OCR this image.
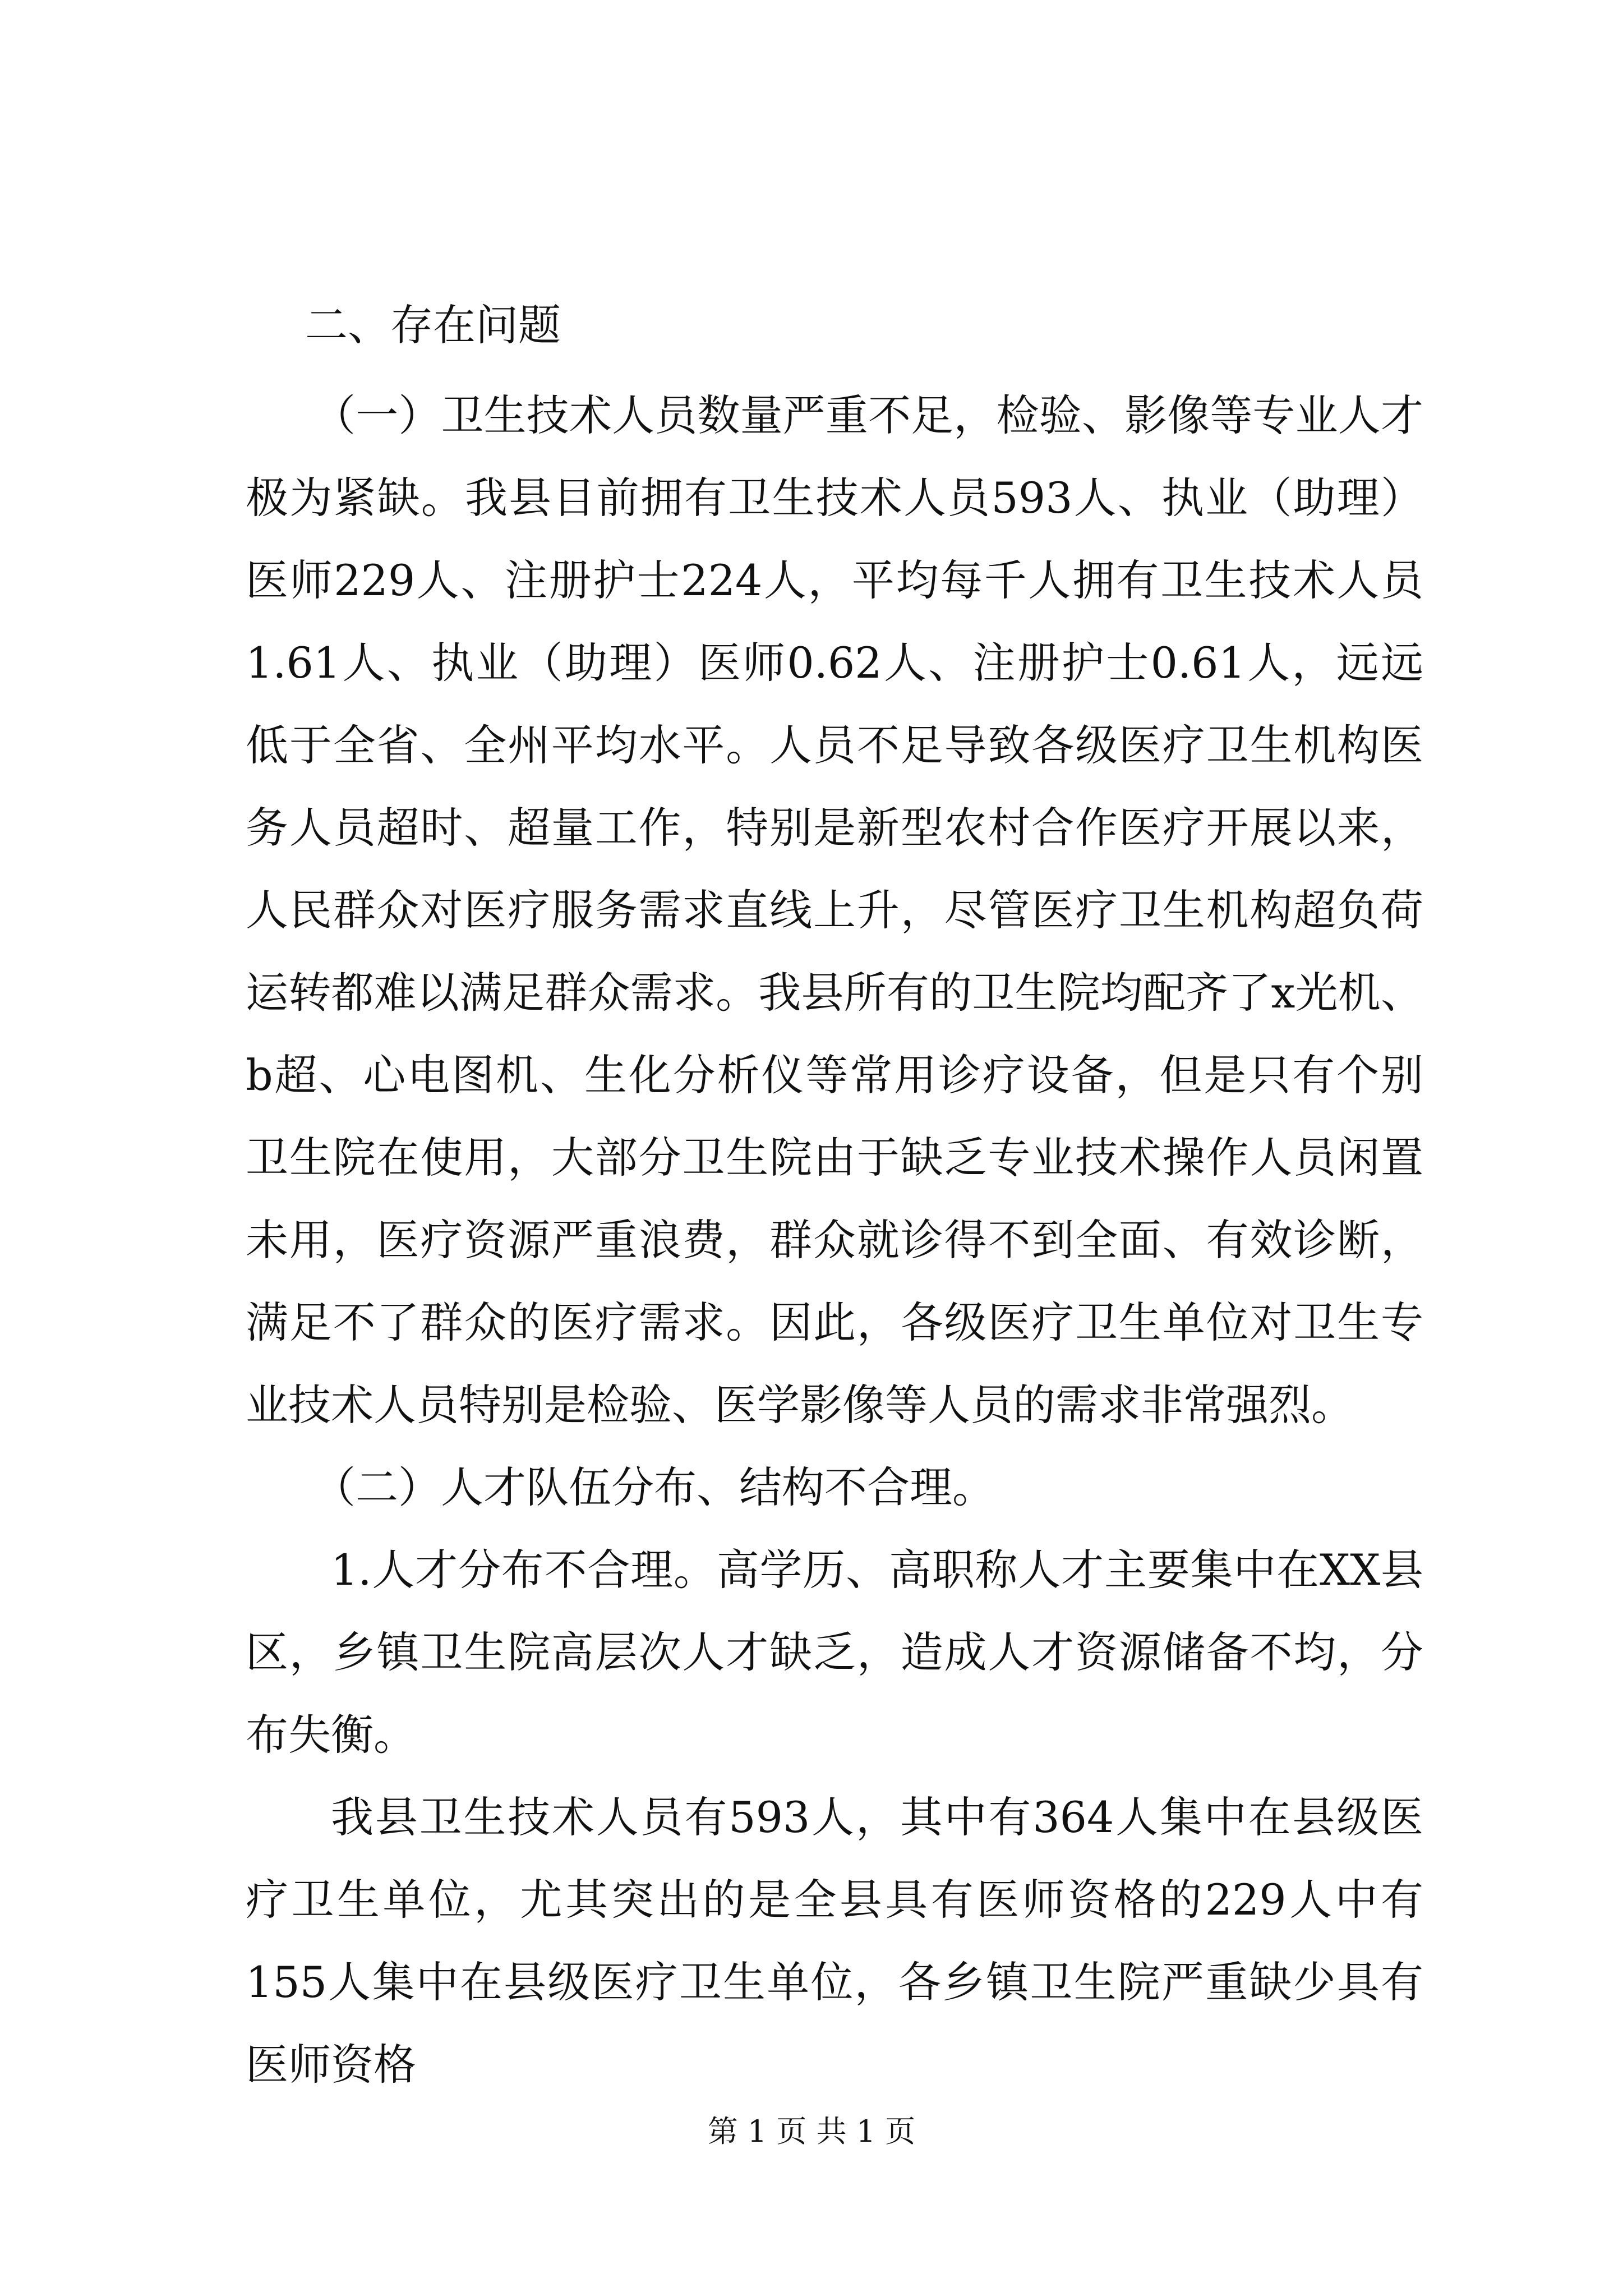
二、存在问题

（一）卫生技术人员数量严重不足，检验、影像等专业人才极为紧缺。我县目前拥有卫生技术人员593人、执业（助理）医师229人、注册护士224人，平均每千人拥有卫生技术人员1.61人、执业（助理）医师0.62人、注册护士0.61人，远远低于全省、全州平均水平。人员不足导致各级医疗卫生机构医务人员超时、超量工作，特别是新型农村合作医疗开展以来，人民群众对医疗服务需求直线上升，尽管医疗卫生机构超负荷运转都难以满足群众需求。我县所有的卫生院均配齐了x光机、b超、心电图机、生化分析仪等常用诊疗设备，但是只有个别卫生院在使用，大部分卫生院由于缺乏专业技术操作人员闲置未用，医疗资源严重浪费，群众就诊得不到全面、有效诊断，满足不了群众的医疗需求。因此，各级医疗卫生单位对卫生专业技术人员特别是检验、医学影像等人员的需求非常强烈。

（二）人才队伍分布、结构不合理。

1.人才分布不合理。高学历、高职称人才主要集中在XX县区，乡镇卫生院高层次人才缺乏，造成人才资源储备不均，分布失衡。

我县卫生技术人员有593人，其中有364人集中在县级医疗卫生单位，尤其突出的是全县具有医师资格的229人中有155人集中在县级医疗卫生单位，各乡镇卫生院严重缺少具有医师资格

第 1 页 共 1 页
